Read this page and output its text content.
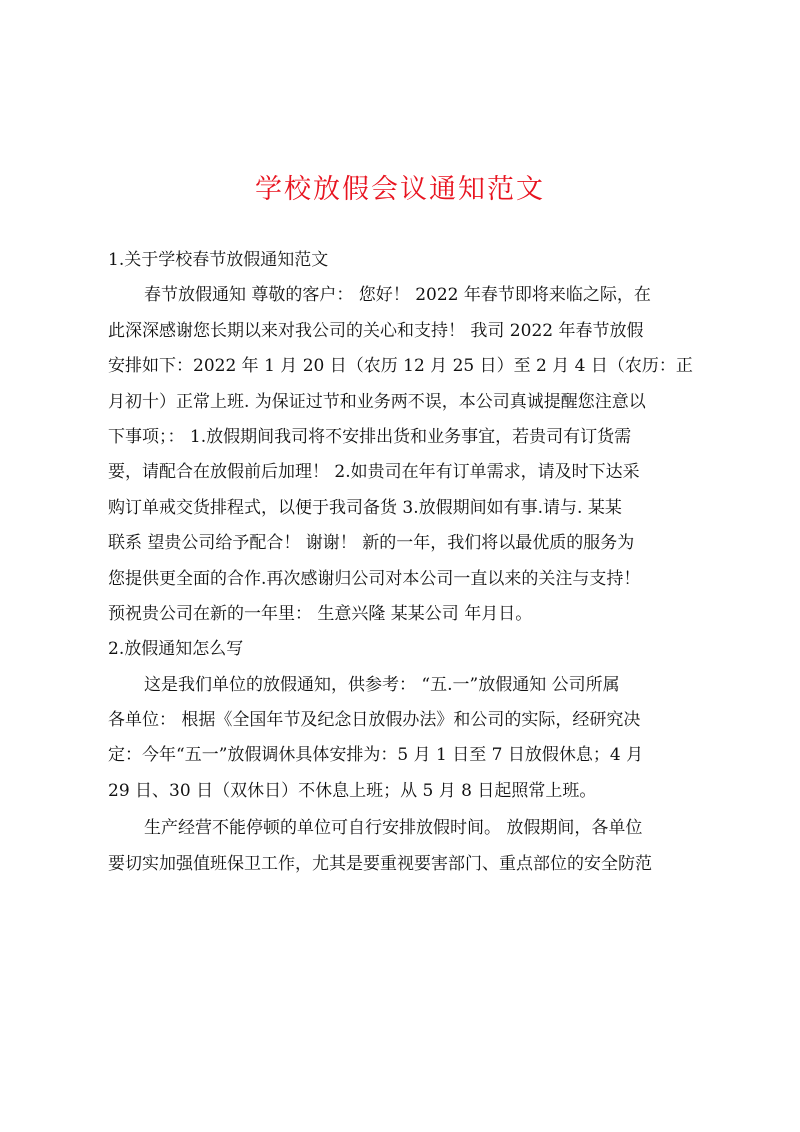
学校放假会议通知范文
1.关于学校春节放假通知范文
春节放假通知 尊敬的客户： 您好！ 2022 年春节即将来临之际，在
此深深感谢您长期以来对我公司的关心和支持！ 我司 2022 年春节放假
安排如下：2022 年 1 月 20 日（农历 12 月 25 日）至 2 月 4 日（农历：正
月初十）正常上班. 为保证过节和业务两不误，本公司真诚提醒您注意以
下事项；： 1.放假期间我司将不安排出货和业务事宜，若贵司有订货需
要，请配合在放假前后加理！ 2.如贵司在年有订单需求，请及时下达采
购订单戒交货排程式，以便于我司备货 3.放假期间如有事.请与. 某某
联系 望贵公司给予配合！ 谢谢！ 新的一年，我们将以最优质的服务为
您提供更全面的合作.再次感谢归公司对本公司一直以来的关注与支持！
预祝贵公司在新的一年里： 生意兴隆 某某公司 年月日。
2.放假通知怎么写
这是我们单位的放假通知，供参考： “五.一”放假通知 公司所属
各单位： 根据《全国年节及纪念日放假办法》和公司的实际，经研究决
定：今年“五一”放假调休具体安排为：5 月 1 日至 7 日放假休息；4 月
29 日、30 日（双休日）不休息上班；从 5 月 8 日起照常上班。
生产经营不能停顿的单位可自行安排放假时间。 放假期间，各单位
要切实加强值班保卫工作，尤其是要重视要害部门、重点部位的安全防范
